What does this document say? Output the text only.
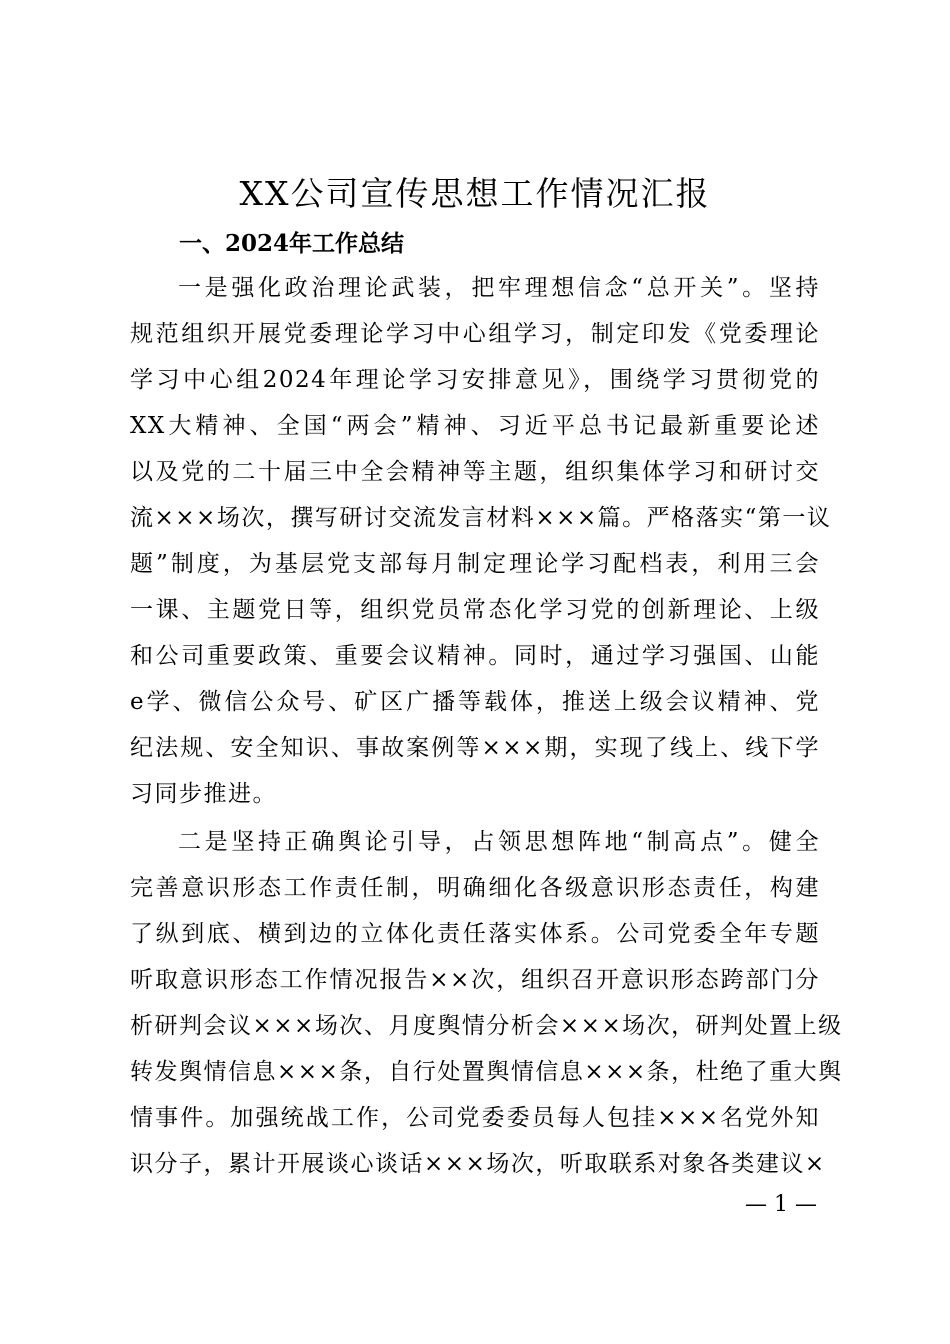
XX公司宣传思想工作情况汇报
一、2024年工作总结
一是强化政治理论武装，把牢理想信念“总开关”。坚持
规范组织开展党委理论学习中心组学习，制定印发《党委理论
学习中心组2024年理论学习安排意见》，围绕学习贯彻党的
XX大精神、全国“两会”精神、习近平总书记最新重要论述
以及党的二十届三中全会精神等主题，组织集体学习和研讨交
流×××场次，撰写研讨交流发言材料×××篇。严格落实“第一议
题”制度，为基层党支部每月制定理论学习配档表，利用三会
一课、主题党日等，组织党员常态化学习党的创新理论、上级
和公司重要政策、重要会议精神。同时，通过学习强国、山能
e学、微信公众号、矿区广播等载体，推送上级会议精神、党
纪法规、安全知识、事故案例等×××期，实现了线上、线下学
习同步推进。
二是坚持正确舆论引导，占领思想阵地“制高点”。健全
完善意识形态工作责任制，明确细化各级意识形态责任，构建
了纵到底、横到边的立体化责任落实体系。公司党委全年专题
听取意识形态工作情况报告××次，组织召开意识形态跨部门分
析研判会议×××场次、月度舆情分析会×××场次，研判处置上级
转发舆情信息×××条，自行处置舆情信息×××条，杜绝了重大舆
情事件。加强统战工作，公司党委委员每人包挂×××名党外知
识分子，累计开展谈心谈话×××场次，听取联系对象各类建议×
— 1 —
